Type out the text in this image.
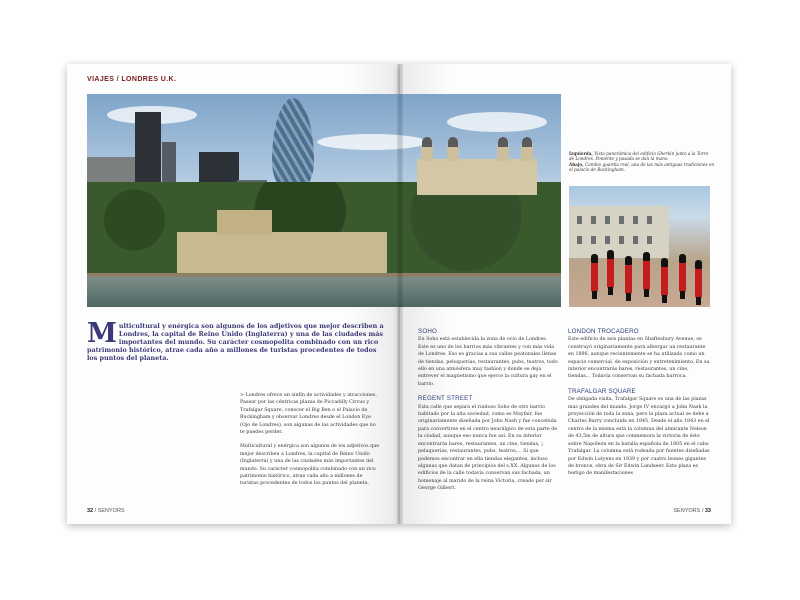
VIAJES / LONDRES U.K.
Multicultural y enérgica son algunos de los adjetivos que mejor describen a Londres, la capital de Reino Unido (Inglaterra) y una de las ciudades más importantes del mundo. Su carácter cosmopolita combinado con un rico patrimonio histórico, atrae cada año a millones de turistas procedentes de todos los puntos del planeta.

> Londres ofrece un sinfín de actividades y atracciones. Pasear por las céntricas plazas de Piccadilly Circus y Trafalgar Square, conocer el Big Ben o el Palacio de Buckingham y observar Londres desde el London Eye (Ojo de Londres), son algunas de las actividades que no te puedes perder.

Multicultural y enérgica son algunos de los adjetivos que mejor describen a Londres, la capital de Reino Unido (Inglaterra) y una de las ciudades más importantes del mundo. Su carácter cosmopolita combinado con un rico patrimonio histórico, atrae cada año a millones de turistas procedentes de todos los puntos del planeta.

32 / SENYORS
SOHO

En Soho está establecida la zona de ocio de Londres. Este es uno de los barrios más vibrantes y con más vida de Londres. Eso es gracias a sus calles peatonales llenas de tiendas, peluquerías, restaurantes, pubs, teatros, todo ello en una atmósfera muy fashion y donde se deja entrever el magnetismo que ejerce la cultura gay en el barrio.

REGENT STREET

Esta calle que separa el ruidoso Soho de otro barrio habitado por la alta sociedad, como es Mayfair, fue originariamente diseñada por John Nash y fue concebida para convertirse en el centro neurálgico de esta parte de la ciudad, aunque eso nunca fue así. En su interior encontrarás bares, restaurantes, un cine, tiendas, ¡ peluquerías, restaurantes, pubs, teatros,... Si que podemos encontrar en ella tiendas elegantes, incluso algunas que datan de principios del s.XX. Algunos de los edificios de la calle todavía conservan sus fachada, un homenaje al marido de la reina Victoria, creado por sir George Gilbert.

LONDON TROCADERO

Este edificio de seis plantas en Shaftesbury Avenue, se construyó originariamente para albergar un restaurante en 1896, aunque recientemente se ha utilizado como un espacio comercial, de exposición y entretenimiento. En su interior encontrarás bares, restaurantes, un cine, tiendas... Todavía conservan su fachada barroca.

TRAFALGAR SQUARE

De obligada visita, Trafalgar Square es una de las plazas más grandes del mundo. Jorge IV encargó a John Nash la proyección de toda la zona, pero la plaza actual se debe a Charles Barry concluida en 1845. Desde el año 1843 en el centro de la misma está la columna del almirante Nelson de 43,5m de altura que conmemora la victoria de éste sobre Napoleón en la batalla española de 1805 en el cabo Trafalgar. La columna está rodeada por fuentes diseñadas por Edwin Lutyens en 1939 y por cuatro leones gigantes de bronce, obra de Sir Edwin Landseer. Esta plaza es testigo de manifestaciones

SENYORS / 33
Izquierda, Vista panorámica del edificio Gherkin junto a la Torre de Londres. Poniente y pasada se dan la mano.
Abajo, Cambio guardia real, una de las más antiguas tradiciones en el palacio de Buckingham.
